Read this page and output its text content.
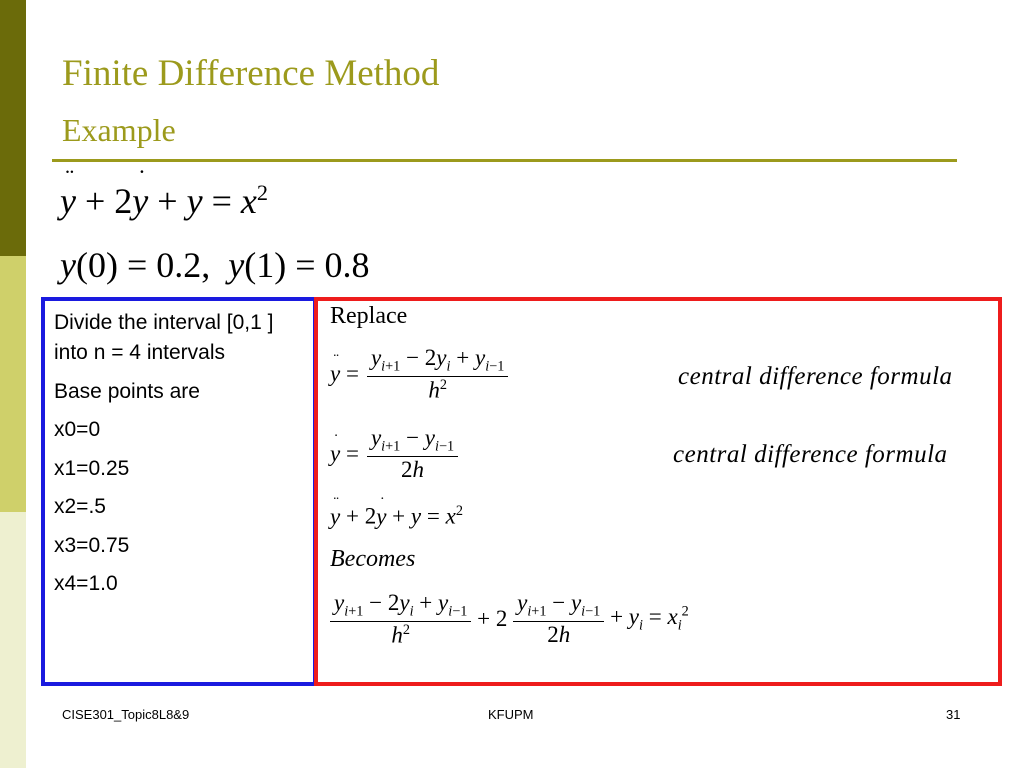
Finite Difference Method
Example
¨ y + 2˙ $y + y = x^2$
y(0) = 0.2,  y(1) = 0.8

Divide the interval [0,1 ] into n = 4 intervals

Base points are

x0=0

x1=0.25

x2=.5

x3=0.75

x4=1.0

Replace
¨ $y = \frac{y_{i+1} - 2y_i + y_{i-1}}{h^2}$	central difference formula
˙ $y = \frac{y_{i+1} - y_{i-1}}{2h}$	central difference formula
¨ y + 2˙ $y + y = x^2$
Becomes
$\frac{y_{i+1} - 2y_i + y_{i-1}}{h^2} + 2 \frac{y_{i+1} - y_{i-1}}{2h} + y_i = x_i^2$
CISE301_Topic8L8&9	KFUPM	31
